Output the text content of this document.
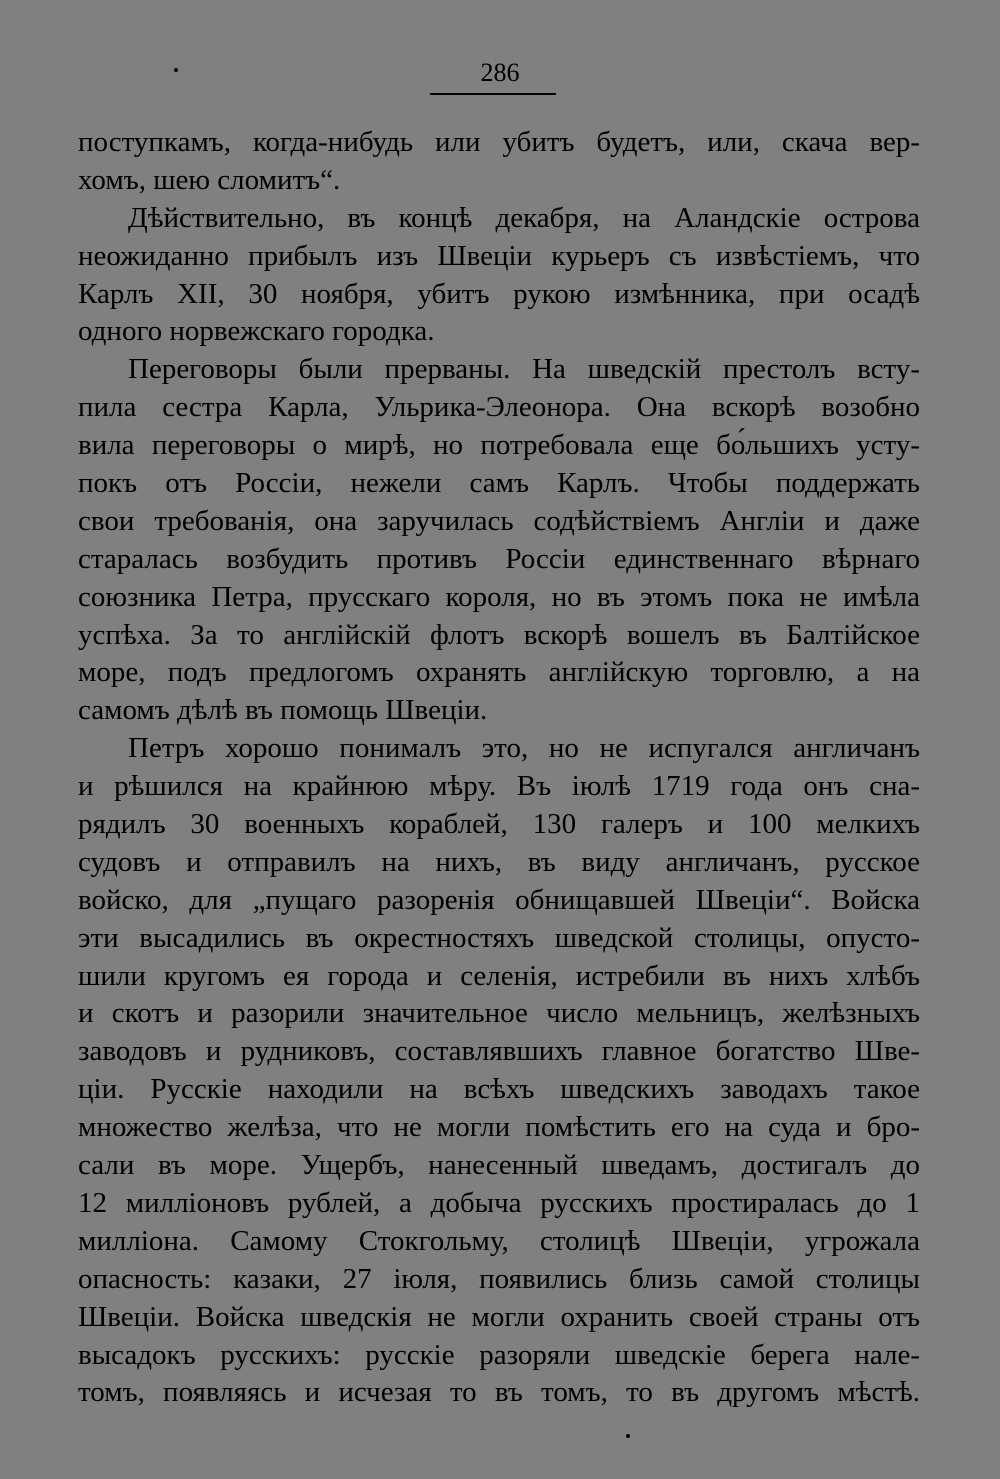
286
поступкамъ, когда-нибудь или убитъ будетъ, или, скача вер-
хомъ, шею сломитъ“.
Дѣйствительно, въ концѣ декабря, на Аландскіе острова
неожиданно прибылъ изъ Швеціи курьеръ съ извѣстіемъ, что
Карлъ XII, 30 ноября, убитъ рукою измѣнника, при осадѣ
одного норвежскаго городка.
Переговоры были прерваны. На шведскій престолъ всту-
пила сестра Карла, Ульрика-Элеонора. Она вскорѣ возобно
вила переговоры о мирѣ, но потребовала еще бо́льшихъ усту-
покъ отъ Россіи, нежели самъ Карлъ. Чтобы поддержать
свои требованія, она заручилась содѣйствіемъ Англіи и даже
старалась возбудить противъ Россіи единственнаго вѣрнаго
союзника Петра, прусскаго короля, но въ этомъ пока не имѣла
успѣха. За то англійскій флотъ вскорѣ вошелъ въ Балтійское
море, подъ предлогомъ охранять англійскую торговлю, а на
самомъ дѣлѣ въ помощь Швеціи.
Петръ хорошо понималъ это, но не испугался англичанъ
и рѣшился на крайнюю мѣру. Въ іюлѣ 1719 года онъ сна-
рядилъ 30 военныхъ кораблей, 130 галеръ и 100 мелкихъ
судовъ и отправилъ на нихъ, въ виду англичанъ, русское
войско, для „пущаго разоренія обнищавшей Швеціи“. Войска
эти высадились въ окрестностяхъ шведской столицы, опусто-
шили кругомъ ея города и селенія, истребили въ нихъ хлѣбъ
и скотъ и разорили значительное число мельницъ, желѣзныхъ
заводовъ и рудниковъ, составлявшихъ главное богатство Шве-
ціи. Русскіе находили на всѣхъ шведскихъ заводахъ такое
множество желѣза, что не могли помѣстить его на суда и бро-
сали въ море. Ущербъ, нанесенный шведамъ, достигалъ до
12 милліоновъ рублей, а добыча русскихъ простиралась до 1
милліона. Самому Стокгольму, столицѣ Швеціи, угрожала
опасность: казаки, 27 іюля, появились близь самой столицы
Швеціи. Войска шведскія не могли охранить своей страны отъ
высадокъ русскихъ: русскіе разоряли шведскіе берега нале-
томъ, появляясь и исчезая то въ томъ, то въ другомъ мѣстѣ.
